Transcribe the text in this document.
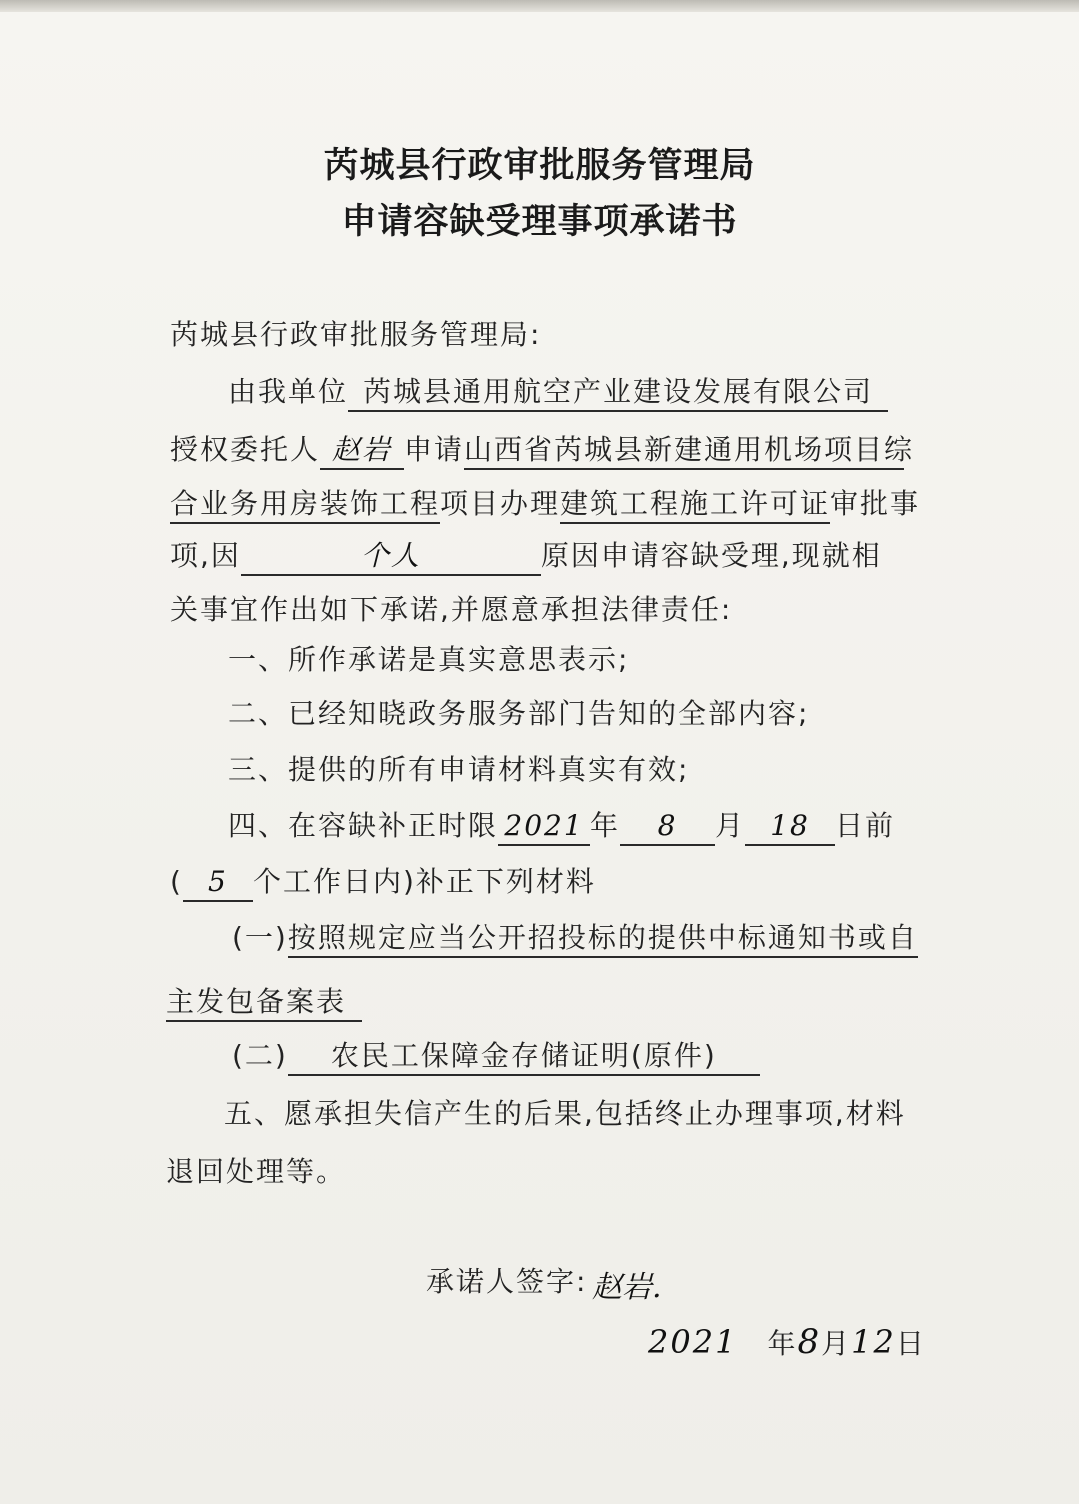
芮城县行政审批服务管理局
申请容缺受理事项承诺书
芮城县行政审批服务管理局:
由我单位 芮城县通用航空产业建设发展有限公司
授权委托人 赵岩 申请山西省芮城县新建通用机场项目综
合业务用房装饰工程项目办理建筑工程施工许可证审批事
项,因	个人	原因申请容缺受理,现就相
关事宜作出如下承诺,并愿意承担法律责任:
一、所作承诺是真实意思表示;
二、已经知晓政务服务部门告知的全部内容;
三、提供的所有申请材料真实有效;
四、在容缺补正时限 2021 年 8 月 18 日前
( 5 个工作日内)补正下列材料
(一)按照规定应当公开招投标的提供中标通知书或自
主发包备案表
(二) 农民工保障金存储证明(原件)
五、愿承担失信产生的后果,包括终止办理事项,材料
退回处理等。
承诺人签字: 赵岩.
2021 年8月12日
